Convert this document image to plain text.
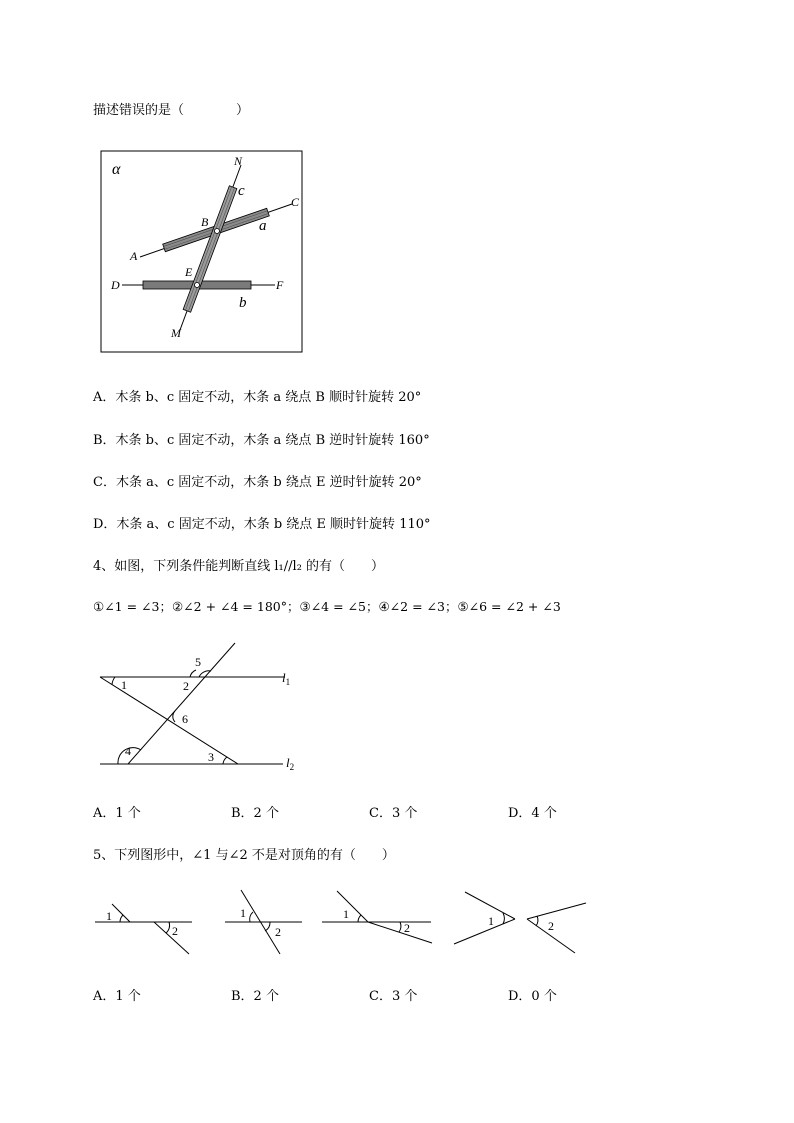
描述错误的是（　　　　）
α	N
c
C
B	a
A
E
D	F
b
M
A．木条 b、c 固定不动，木条 a 绕点 B 顺时针旋转 20°
B．木条 b、c 固定不动，木条 a 绕点 B 逆时针旋转 160°
C．木条 a、c 固定不动，木条 b 绕点 E 逆时针旋转 20°
D．木条 a、c 固定不动，木条 b 绕点 E 顺时针旋转 110°
4、如图，下列条件能判断直线 l₁//l₂ 的有（　　）
①∠1 = ∠3；②∠2 + ∠4 = 180°；③∠4 = ∠5；④∠2 = ∠3；⑤∠6 = ∠2 + ∠3
1	2
5
6
4	3
$l_1$
$l_2$
A．1 个	B．2 个	C．3 个	D．4 个
5、下列图形中，∠1 与∠2 不是对顶角的有（　　）
1
2
1
2
1
2	1	2
A．1 个	B．2 个	C．3 个	D．0 个
